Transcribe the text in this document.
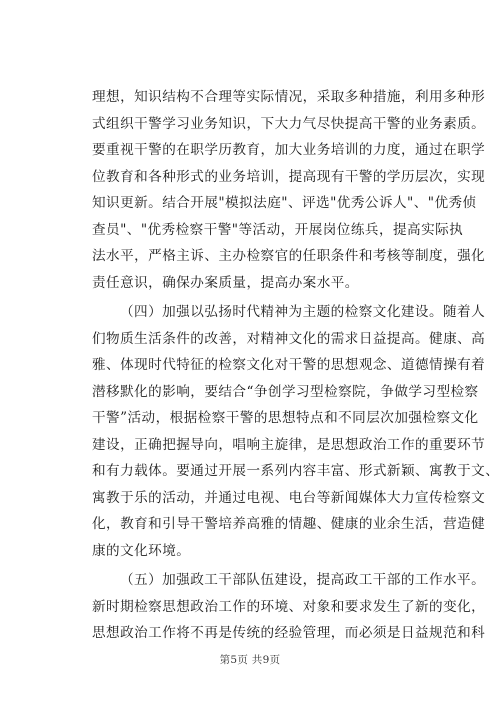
理想，知识结构不合理等实际情况，采取多种措施，利用多种形
式组织干警学习业务知识，下大力气尽快提高干警的业务素质。
要重视干警的在职学历教育，加大业务培训的力度，通过在职学
位教育和各种形式的业务培训，提高现有干警的学历层次，实现
知识更新。结合开展"模拟法庭"、评选"优秀公诉人"、"优秀侦
查员"、"优秀检察干警"等活动，开展岗位练兵，提高实际执
法水平，严格主诉、主办检察官的任职条件和考核等制度，强化
责任意识，确保办案质量，提高办案水平。
（四）加强以弘扬时代精神为主题的检察文化建设。随着人
们物质生活条件的改善，对精神文化的需求日益提高。健康、高
雅、体现时代特征的检察文化对干警的思想观念、道德情操有着
潜移默化的影响，要结合“争创学习型检察院，争做学习型检察
干警”活动，根据检察干警的思想特点和不同层次加强检察文化
建设，正确把握导向，唱响主旋律，是思想政治工作的重要环节
和有力载体。要通过开展一系列内容丰富、形式新颖、寓教于文、
寓教于乐的活动，并通过电视、电台等新闻媒体大力宣传检察文
化，教育和引导干警培养高雅的情趣、健康的业余生活，营造健
康的文化环境。
（五）加强政工干部队伍建设，提高政工干部的工作水平。
新时期检察思想政治工作的环境、对象和要求发生了新的变化，
思想政治工作将不再是传统的经验管理，而必须是日益规范和科
第5页 共9页
